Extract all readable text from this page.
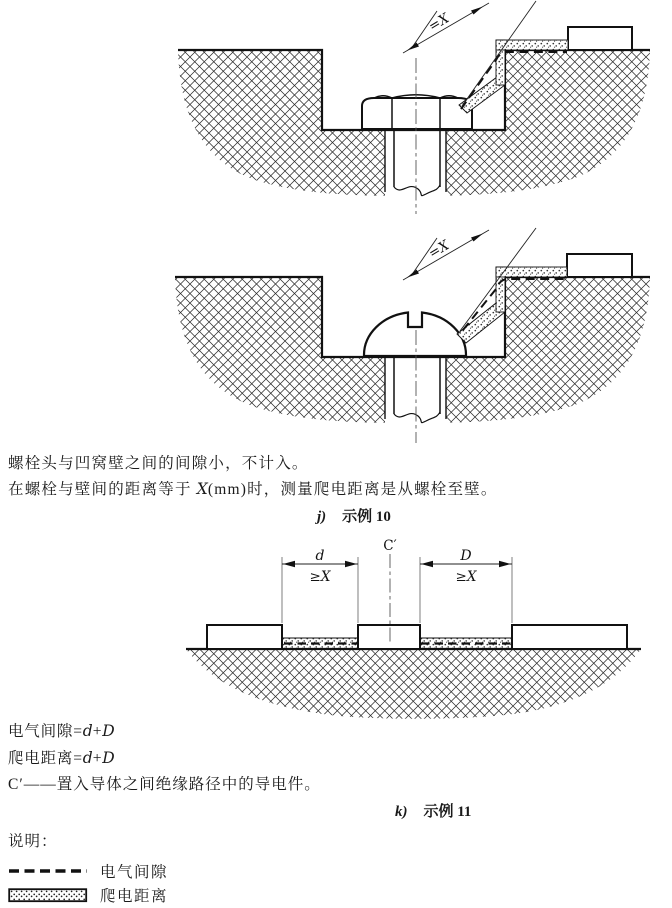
=X
=X
螺栓头与凹窝壁之间的间隙小，不计入。
在螺栓与壁间的距离等于 X(mm)时，测量爬电距离是从螺栓至壁。
j) 示例 10
d
≥X
D
≥X
C′
电气间隙=d+D
爬电距离=d+D
C′——置入导体之间绝缘路径中的导电件。
k) 示例 11
说明：
电气间隙
爬电距离
